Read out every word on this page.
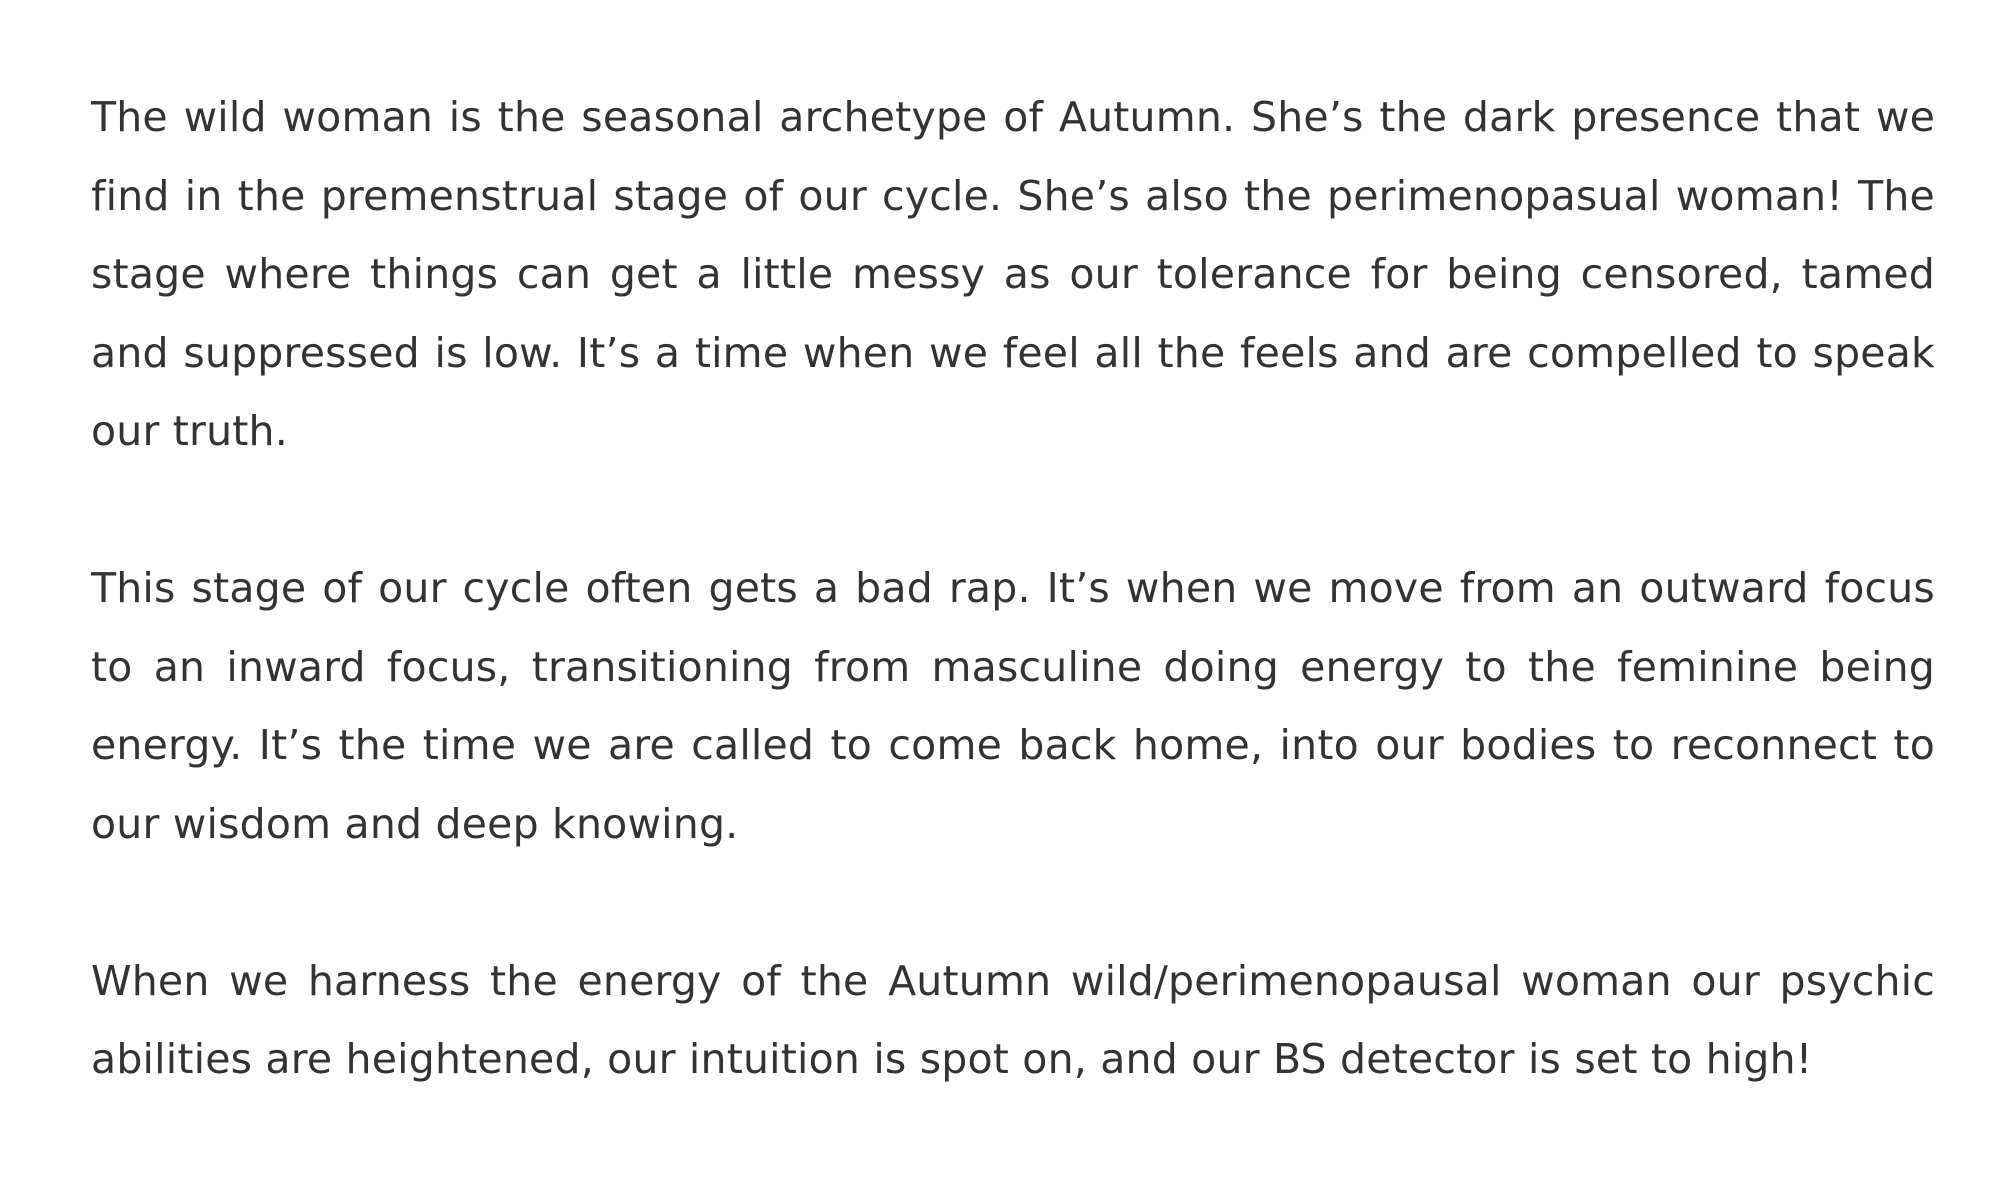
The wild woman is the seasonal archetype of Autumn. She’s the dark presence that we find in the premenstrual stage of our cycle. She’s also the perimenopasual woman! The stage where things can get a little messy as our tolerance for being censored, tamed and suppressed is low. It’s a time when we feel all the feels and are compelled to speak our truth.

This stage of our cycle often gets a bad rap. It’s when we move from an outward focus to an inward focus, transitioning from masculine doing energy to the feminine being energy. It’s the time we are called to come back home, into our bodies to reconnect to our wisdom and deep knowing.

When we harness the energy of the Autumn wild/perimenopausal woman our psychic abilities are heightened, our intuition is spot on, and our BS detector is set to high!
